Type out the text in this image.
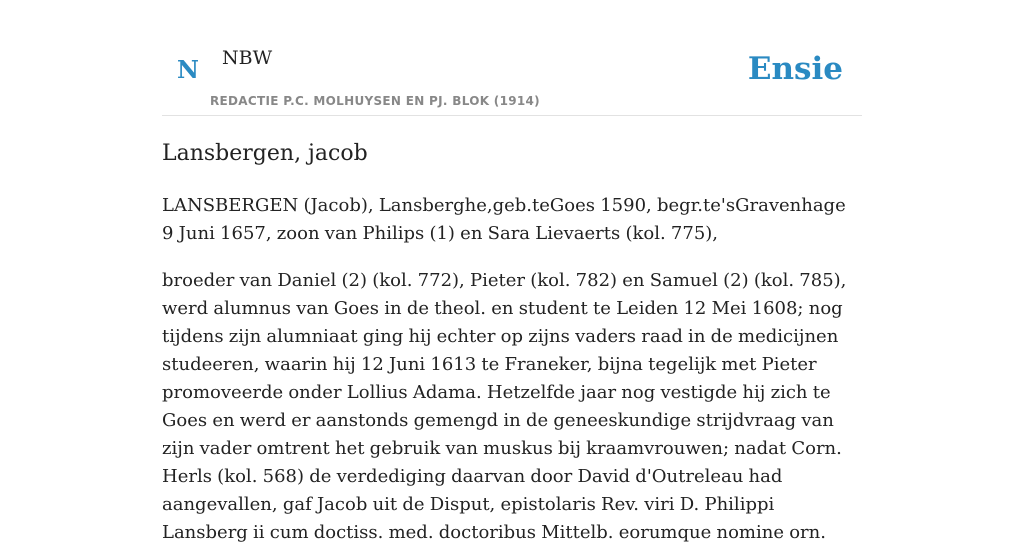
N NBW
REDACTIE P.C. MOLHUYSEN EN PJ. BLOK (1914)
Ensie
Lansbergen, jacob

LANSBERGEN (Jacob), Lansberghe,geb.teGoes 1590, begr.te'sGravenhage 9 Juni 1657, zoon van Philips (1) en Sara Lievaerts (kol. 775),

broeder van Daniel (2) (kol. 772), Pieter (kol. 782) en Samuel (2) (kol. 785), werd alumnus van Goes in de theol. en student te Leiden 12 Mei 1608; nog tijdens zijn alumniaat ging hij echter op zijns vaders raad in de medicijnen studeeren, waarin hij 12 Juni 1613 te Franeker, bijna tegelijk met Pieter promoveerde onder Lollius Adama. Hetzelfde jaar nog vestigde hij zich te Goes en werd er aanstonds gemengd in de geneeskundige strijdvraag van zijn vader omtrent het gebruik van muskus bij kraamvrouwen; nadat Corn. Herls (kol. 568) de verdediging daarvan door David d'Outreleau had aangevallen, gaf Jacob uit de Disput, epistolaris Rev. viri D. Philippi Lansberg ii cum doctiss. med. doctoribus Mittelb. eorumque nomine orn.
